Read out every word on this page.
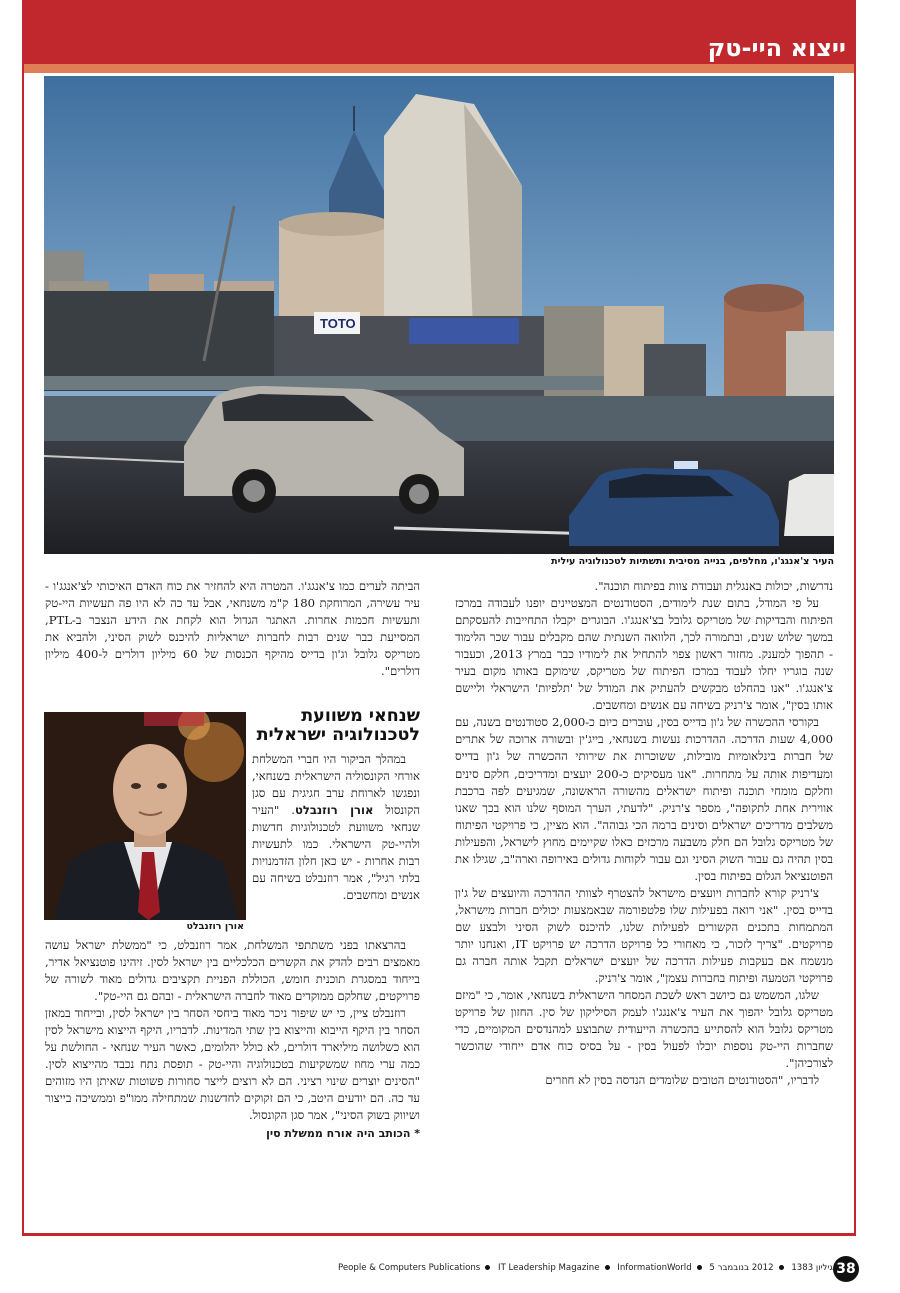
ייצוא היי-טק
TOTO
העיר צ'אנגג'ו, מחלפים, בנייה מסיבית ותשתיות לטכנולוגיה עילית

נדרשות, יכולות באנגלית ועבודת צוות בפיתוח תוכנה".

על פי המודל, בתום שנת לימודים, הסטודנטים המצטיינים יופנו לעבודה במרכז הפיתוח והבדיקות של מטריקס גלובל בצ'אנגג'ו. הבוגרים יקבלו התחייבות להעסקתם במשך שלוש שנים, ובתמורה לכך, הלוואה השנתית שהם מקבלים עבור שכר הלימוד - תהפוך למענק. מחזור ראשון צפוי להתחיל את לימודיו כבר במרץ 2013, וכעבור שנה בוגריו יחלו לעבוד במרכז הפיתוח של מטריקס, שימוקם באותו מקום בעיר צ'אנגג'ו. "אנו בהחלט מבקשים להעתיק את המודל של 'תלפיות' הישראלי וליישם אותו בסין", אומר צ'רניק בשיחה עם אנשים ומחשבים.

בקורסי ההכשרה של ג'ון בדייס בסין, עוברים כיום כ-2,000 סטודנטים בשנה, עם 4,000 שעות הדרכה. ההדרכות נעשות בשנחאי, בייג'ין ובשורה ארוכה של אתרים של חברות בינלאומיות מובילות, ששוכרות את שירותי ההכשרה של ג'ון בדייס ומעדיפות אותה על מתחרות. "אנו מעסיקים כ-200 יועצים ומדריכים, חלקם סינים וחלקם מומחי תוכנה ופיתוח ישראלים מהשורה הראשונה, שמגיעים לפה ברכבת אווירית אחת לתקופה", מספר צ'רניק. "לדעתי, הערך המוסף שלנו הוא בכך שאנו משלבים מדריכים ישראלים וסינים ברמה הכי גבוהה". הוא מציין, כי פרויקטי הפיתוח של מטריקס גלובל הם חלק משבעה מרכזים כאלו שקיימים מחוץ לישראל, והפעילות בסין תהיה גם עבור השוק הסיני וגם עבור לקוחות גדולים באירופה וארה"ב, שגילו את הפוטנציאל הגלום בפיתוח בסין.

צ'רניק קורא לחברות ויועצים מישראל להצטרף לצוותי ההדרכה והיועצים של ג'ון בדייס בסין. "אני רואה בפעילות שלו פלטפורמה שבאמצעות יכולים חברות מישראל, המתמחות בתכנים הקשורים לפעילות שלנו, להיכנס לשוק הסיני ולבצע שם פרויקטים. "צריך לזכור, כי מאחורי כל פרויקט הדרכה יש פרויקט IT, ואנחנו יותר מנשמח אם בעקבות פעילות הדרכה של יועצים ישראלים תקבל אותה חברה גם פרויקטי הטמעה ופיתוח בחברות עצמן", אומר צ'רניק.

שלגו, המשמש גם כיושב ראש לשכת המסחר הישראלית בשנחאי, אומר, כי "מיזם מטריקס גלובל יהפוך את העיר צ'אנגג'ו לעמק הסיליקון של סין. החזון של פרויקט מטריקס גלובל הוא להסתייע בהכשרה הייעודית שתבוצע למהנדסים המקומיים, כדי שחברות היי-טק נוספות יוכלו לפעול בסין - על בסיס כוח אדם ייחודי שהוכשר לצורכיהן".

לדבריו, "הסטודנטים הטובים שלומדים הנדסה בסין לא חוזרים

הביתה לערים כמו צ'אנגג'ו. המטרה היא להחזיר את כוח האדם האיכותי לצ'אנגג'ו - עיר עשירה, המרוחקת 180 ק"מ משנחאי, אבל עד כה לא היו פה תעשיות היי-טק ותעשיות חכמות אחרות. האתגר הגדול הוא לקחת את הידע הנצבר ב-PTL, המסייעת כבר שנים רבות לחברות ישראליות להיכנס לשוק הסיני, ולהביא את מטריקס גלובל וג'ון בדייס מהיקף הכנסות של 60 מיליון דולרים ל-400 מיליון דולרים".

שנחאי משוועת לטכנולוגיה ישראלית
אורן רוזנבלט

במהלך הביקור היו חברי המשלחת אורחי הקונסוליה הישראלית בשנחאי, ונפגשו לארוחת ערב חגיגית עם סגן הקונסול אורן רוזנבלט. "העיר שנחאי משוועת לטכנולוגיות חדשות ולהיי-טק הישראלי. כמו לתעשיות רבות אחרות - יש כאן חלון הזדמנויות בלתי רגיל", אמר רוזנבלט בשיחה עם אנשים ומחשבים.

בהרצאתו בפני משתתפי המשלחת, אמר רוזנבלט, כי "ממשלת ישראל עושה מאמצים רבים להדק את הקשרים הכלכליים בין ישראל לסין. זיהינו פוטנציאל אדיר, בייחוד במסגרת תוכנית חומש, הכוללת הפניית תקציבים גדולים מאוד לשורה של פרויקטים, שחלקם ממוקדים מאוד לחברה הישראלית - ובהם גם היי-טק".

רוזנבלט ציין, כי יש שיפור ניכר מאוד ביחסי הסחר בין ישראל לסין, ובייחוד במאזן הסחר בין היקף הייבוא והייצוא בין שתי המדינות. לדבריו, היקף הייצוא מישראל לסין הוא כשלושה מיליארד דולרים, לא כולל יהלומים, כאשר העיר שנחאי - החולשת על כמה ערי מחוז שמשקיעות בטכנולוגיה והיי-טק - תופסת נתח נכבד מהייצוא לסין. "הסינים יוצרים שינוי רציני. הם לא רוצים לייצר סחורות פשוטות שאיתן היו מזוהים עד כה. הם יודעים היטב, כי הם זקוקים לחדשנות שמתחילה ממו"פ וממשיכה בייצור ושיווק בשוק הסיני", אמר סגן הקונסול.

* הכותב היה אורח ממשלת סין

People & Computers Publications IT Leadership Magazine InformationWorld 2012 בנובמבר 5 גיליון 1383 38
